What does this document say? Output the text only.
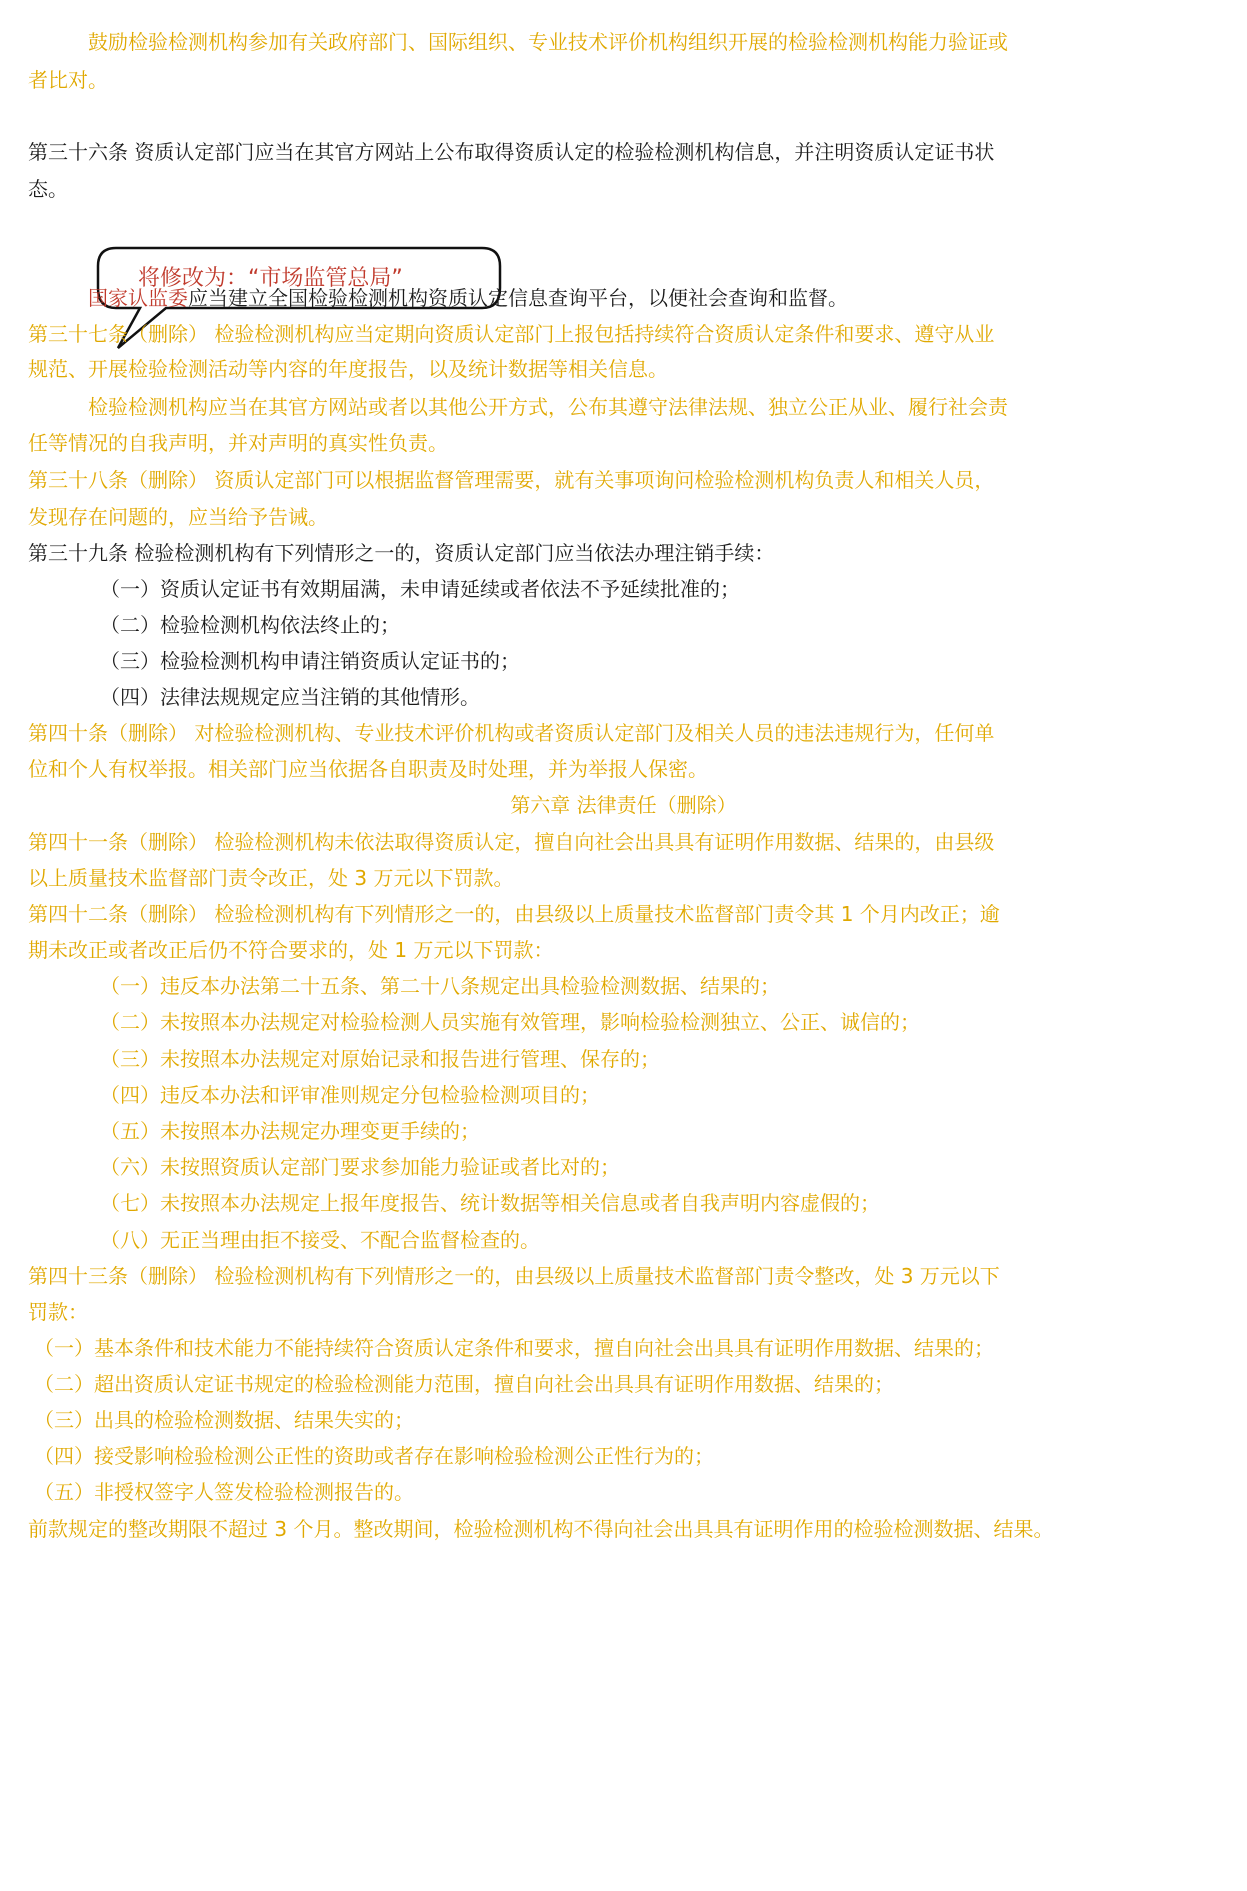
鼓励检验检测机构参加有关政府部门、国际组织、专业技术评价机构组织开展的检验检测机构能力验证或
者比对。
第三十六条 资质认定部门应当在其官方网站上公布取得资质认定的检验检测机构信息，并注明资质认定证书状
态。
将修改为：“市场监管总局”
国家认监委应当建立全国检验检测机构资质认定信息查询平台，以便社会查询和监督。
第三十七条（删除） 检验检测机构应当定期向资质认定部门上报包括持续符合资质认定条件和要求、遵守从业
规范、开展检验检测活动等内容的年度报告，以及统计数据等相关信息。
检验检测机构应当在其官方网站或者以其他公开方式，公布其遵守法律法规、独立公正从业、履行社会责
任等情况的自我声明，并对声明的真实性负责。
第三十八条（删除） 资质认定部门可以根据监督管理需要，就有关事项询问检验检测机构负责人和相关人员，
发现存在问题的，应当给予告诫。
第三十九条 检验检测机构有下列情形之一的，资质认定部门应当依法办理注销手续：
（一）资质认定证书有效期届满，未申请延续或者依法不予延续批准的；
（二）检验检测机构依法终止的；
（三）检验检测机构申请注销资质认定证书的；
（四）法律法规规定应当注销的其他情形。
第四十条（删除） 对检验检测机构、专业技术评价机构或者资质认定部门及相关人员的违法违规行为，任何单
位和个人有权举报。相关部门应当依据各自职责及时处理，并为举报人保密。
第六章 法律责任（删除）
第四十一条（删除） 检验检测机构未依法取得资质认定，擅自向社会出具具有证明作用数据、结果的，由县级
以上质量技术监督部门责令改正，处 3 万元以下罚款。
第四十二条（删除） 检验检测机构有下列情形之一的，由县级以上质量技术监督部门责令其 1 个月内改正；逾
期未改正或者改正后仍不符合要求的，处 1 万元以下罚款：
（一）违反本办法第二十五条、第二十八条规定出具检验检测数据、结果的；
（二）未按照本办法规定对检验检测人员实施有效管理，影响检验检测独立、公正、诚信的；
（三）未按照本办法规定对原始记录和报告进行管理、保存的；
（四）违反本办法和评审准则规定分包检验检测项目的；
（五）未按照本办法规定办理变更手续的；
（六）未按照资质认定部门要求参加能力验证或者比对的；
（七）未按照本办法规定上报年度报告、统计数据等相关信息或者自我声明内容虚假的；
（八）无正当理由拒不接受、不配合监督检查的。
第四十三条（删除） 检验检测机构有下列情形之一的，由县级以上质量技术监督部门责令整改，处 3 万元以下
罚款：
（一）基本条件和技术能力不能持续符合资质认定条件和要求，擅自向社会出具具有证明作用数据、结果的；
（二）超出资质认定证书规定的检验检测能力范围，擅自向社会出具具有证明作用数据、结果的；
（三）出具的检验检测数据、结果失实的；
（四）接受影响检验检测公正性的资助或者存在影响检验检测公正性行为的；
（五）非授权签字人签发检验检测报告的。
前款规定的整改期限不超过 3 个月。整改期间，检验检测机构不得向社会出具具有证明作用的检验检测数据、结果。
